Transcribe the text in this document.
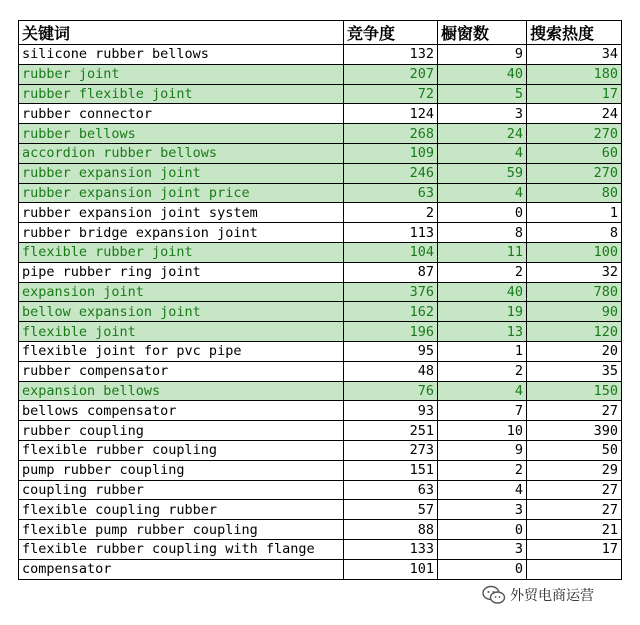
关键词	竞争度	橱窗数	搜索热度
silicone rubber bellows	132	9	34
rubber joint	207	40	180
rubber flexible joint	72	5	17
rubber connector	124	3	24
rubber bellows	268	24	270
accordion rubber bellows	109	4	60
rubber expansion joint	246	59	270
rubber expansion joint price	63	4	80
rubber expansion joint system	2	0	1
rubber bridge expansion joint	113	8	8
flexible rubber joint	104	11	100
pipe rubber ring joint	87	2	32
expansion joint	376	40	780
bellow expansion joint	162	19	90
flexible joint	196	13	120
flexible joint for pvc pipe	95	1	20
rubber compensator	48	2	35
expansion bellows	76	4	150
bellows compensator	93	7	27
rubber coupling	251	10	390
flexible rubber coupling	273	9	50
pump rubber coupling	151	2	29
coupling rubber	63	4	27
flexible coupling rubber	57	3	27
flexible pump rubber coupling	88	0	21
flexible rubber coupling with flange	133	3	17
compensator	101	0	
外贸电商运营
